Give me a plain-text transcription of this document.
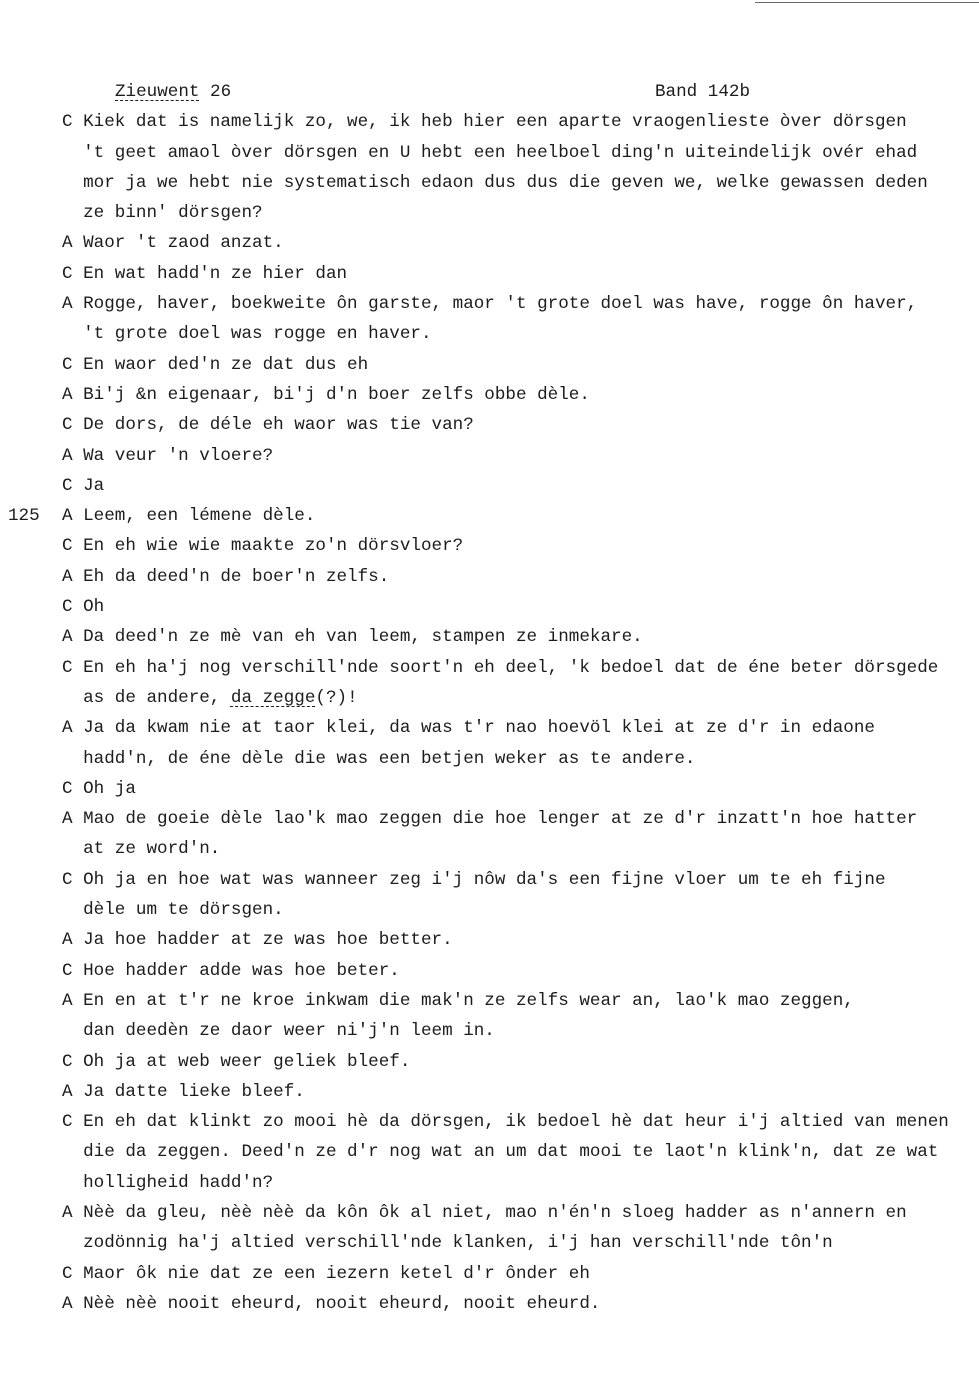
Zieuwent 26

	Band 142b

C Kiek dat is namelijk zo, we, ik heb hier een aparte vraogenlieste òver dörsgen
't geet amaol òver dörsgen en U hebt een heelboel ding'n uiteindelijk ovér ehad
mor ja we hebt nie systematisch edaon dus dus die geven we, welke gewassen deden
ze binn' dörsgen?
A Waor 't zaod anzat.
C En wat hadd'n ze hier dan
A Rogge, haver, boekweite ôn garste, maor 't grote doel was have, rogge ôn haver,
't grote doel was rogge en haver.
C En waor ded'n ze dat dus eh
A Bi'j &n eigenaar, bi'j d'n boer zelfs obbe dèle.
C De dors, de déle eh waor was tie van?
A Wa veur 'n vloere?
C Ja
125 A Leem, een lémene dèle.
C En eh wie wie maakte zo'n dörsvloer?
A Eh da deed'n de boer'n zelfs.
C Oh
A Da deed'n ze mè van eh van leem, stampen ze inmekare.
C En eh ha'j nog verschill'nde soort'n eh deel, 'k bedoel dat de éne beter dörsgede
as de andere, da zegge(?)!
A Ja da kwam nie at taor klei, da was t'r nao hoevöl klei at ze d'r in edaone
hadd'n, de éne dèle die was een betjen weker as te andere.
C Oh ja
A Mao de goeie dèle lao'k mao zeggen die hoe lenger at ze d'r inzatt'n hoe hatter
at ze word'n.
C Oh ja en hoe wat was wanneer zeg i'j nôw da's een fijne vloer um te eh fijne
dèle um te dörsgen.
A Ja hoe hadder at ze was hoe better.
C Hoe hadder adde was hoe beter.
A En en at t'r ne kroe inkwam die mak'n ze zelfs wear an, lao'k mao zeggen,
dan deedèn ze daor weer ni'j'n leem in.
C Oh ja at web weer geliek bleef.
A Ja datte lieke bleef.
C En eh dat klinkt zo mooi hè da dörsgen, ik bedoel hè dat heur i'j altied van menen
die da zeggen. Deed'n ze d'r nog wat an um dat mooi te laot'n klink'n, dat ze wat
holligheid hadd'n?
A Nèè da gleu, nèè nèè da kôn ôk al niet, mao n'én'n sloeg hadder as n'annern en
zodönnig ha'j altied verschill'nde klanken, i'j han verschill'nde tôn'n
C Maor ôk nie dat ze een iezern ketel d'r ônder eh
A Nèè nèè nooit eheurd, nooit eheurd, nooit eheurd.
